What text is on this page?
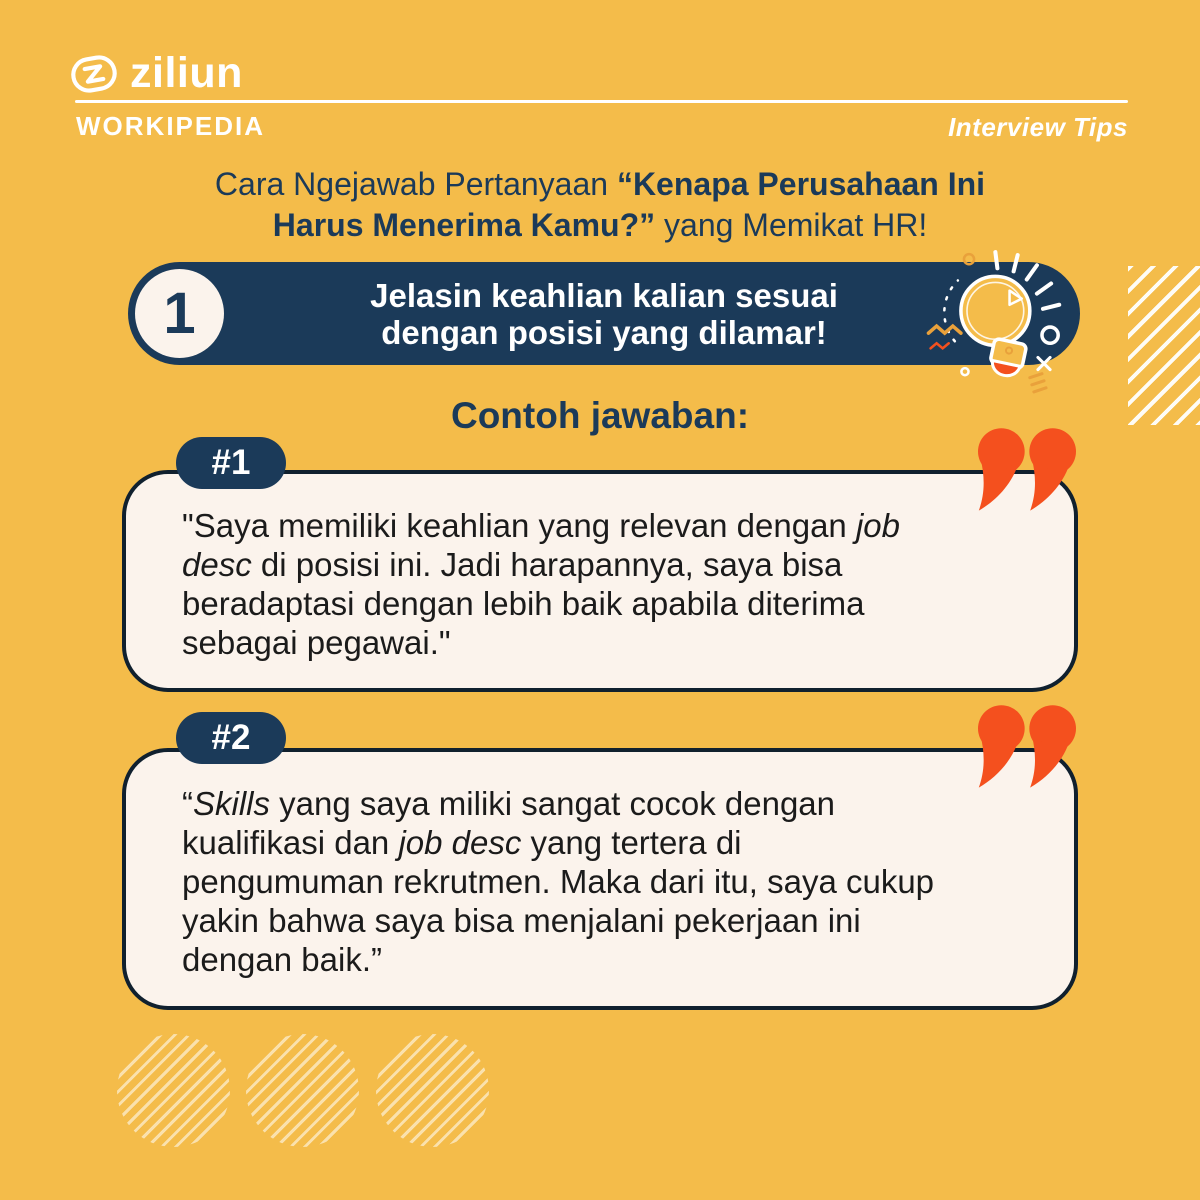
ziliun
WORKIPEDIA	Interview Tips
Cara Ngejawab Pertanyaan “Kenapa Perusahaan Ini
Harus Menerima Kamu?” yang Memikat HR!
1	Jelasin keahlian kalian sesuai
dengan posisi yang dilamar!
Contoh jawaban:
"Saya memiliki keahlian yang relevan dengan job
desc di posisi ini. Jadi harapannya, saya bisa
beradaptasi dengan lebih baik apabila diterima
sebagai pegawai."
#1
“Skills yang saya miliki sangat cocok dengan
kualifikasi dan job desc yang tertera di
pengumuman rekrutmen. Maka dari itu, saya cukup
yakin bahwa saya bisa menjalani pekerjaan ini
dengan baik.”
#2
